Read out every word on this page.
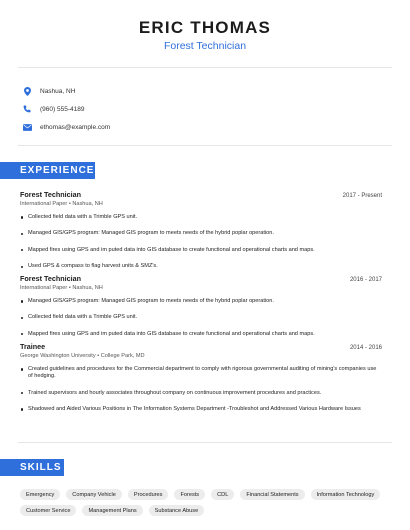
ERIC THOMAS
Forest Technician
Nashua, NH
(960) 555-4189
ethomas@example.com
EXPERIENCE
Forest Technician	2017 - Present
International Paper • Nashua, NH
Collected field data with a Trimble GPS unit.
Managed GIS/GPS program: Managed GIS program to meets needs of the hybrid poplar operation.
Mapped fires using GPS and im puted data into GIS database to create functional and operational charts and maps.
Used GPS & compass to flag harvest units & SMZ's.
Forest Technician	2016 - 2017
International Paper • Nashua, NH
Managed GIS/GPS program: Managed GIS program to meets needs of the hybrid poplar operation.
Collected field data with a Trimble GPS unit.
Mapped fires using GPS and im puted data into GIS database to create functional and operational charts and maps.
Trainee	2014 - 2016
George Washington University • College Park, MD
Created guidelines and procedures for the Commercial department to comply with rigorous governmental auditing of mining's companies use of hedging.
Trained supervisors and hourly associates throughout company on continuous improvement procedures and practices.
Shadowed and Aided Various Positions in The Information Systems Department -Troubleshot and Addressed Various Hardware Issues
SKILLS
Emergency	Company Vehicle	Procedures	Forests	CDL	Financial Statements	Information Technology
Customer Service	Management Plans	Substance Abuse
